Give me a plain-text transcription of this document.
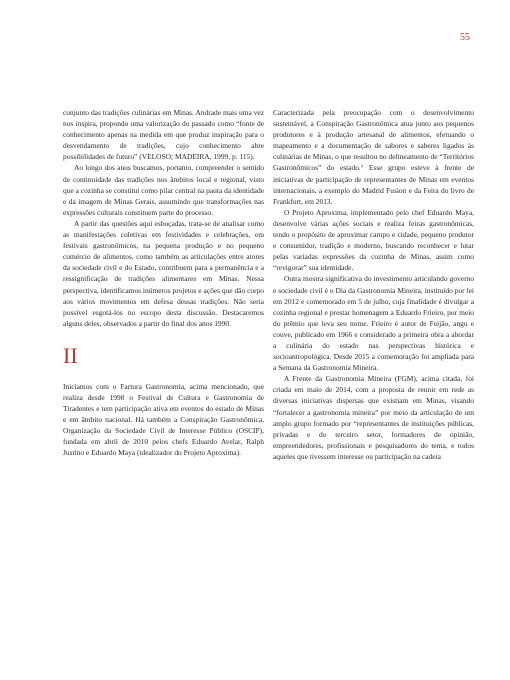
55

conjunto das tradições culinárias em Minas. Andrade mais uma vez nos inspira, propondo uma valorização do passado como “fonte de conhecimento apenas na medida em que produz inspiração para o desvendamento de tradições, cujo conhecimento abre possibilidades de futuro” (VELOSO; MADEIRA, 1999, p. 115).

Ao longo dos anos buscamos, portanto, compreender o sentido de continuidade das tradições nos âmbitos local e regional, visto que a cozinha se constitui como pilar central na pauta da identidade e da imagem de Minas Gerais, assumindo que transformações nas expressões culturais constituem parte do processo.

A partir das questões aqui esboçadas, trata-se de analisar como as manifestações coletivas em festividades e celebrações, em festivais gastronômicos, na pequena produção e no pequeno comércio de alimentos, como também as articulações entre atores da sociedade civil e do Estado, contribuem para a permanência e a ressignificação de tradições alimentares em Minas. Nessa perspectiva, identificamos inúmeros projetos e ações que dão corpo aos vários movimentos em defesa dessas tradições. Não seria possível esgotá-los no escopo desta discussão. Destacaremos alguns deles, observados a partir do final dos anos 1990.

II

Iniciamos com o Fartura Gastronomia, acima mencionado, que realiza desde 1998 o Festival de Cultura e Gastronomia de Tiradentes e tem participação ativa em eventos do estado de Minas e em âmbito nacional. Há também a Conspiração Gastronômica, Organização da Sociedade Civil de Interesse Público (OSCIP), fundada em abril de 2010 pelos chefs Eduardo Avelar, Ralph Justino e Eduardo Maya (idealizador do Projeto Aproxima).

Caracterizada pela preocupação com o desenvolvimento sustentável, a Conspiração Gastronômica atua junto aos pequenos produtores e à produção artesanal de alimentos, efetuando o mapeamento e a documentação de sabores e saberes ligados às culinárias de Minas, o que resultou no delineamento de “Territórios Gastronômicos” do estado.⁷ Esse grupo esteve à frente de iniciativas de participação de representantes de Minas em eventos internacionais, a exemplo do Madrid Fusion e da Feira do livro de Frankfurt, em 2013.

O Projeto Aproxima, implementado pelo chef Eduardo Maya, desenvolve várias ações sociais e realiza feiras gastronômicas, tendo o propósito de aproximar campo e cidade, pequeno produtor e consumidor, tradição e moderno, buscando reconhecer e lutar pelas variadas expressões da cozinha de Minas, assim como “revigorar” sua identidade.

Outra mostra significativa do investimento articulando governo e sociedade civil é o Dia da Gastronomia Mineira, instituído por lei em 2012 e comemorado em 5 de julho, cuja finalidade é divulgar a cozinha regional e prestar homenagem a Eduardo Frieiro, por meio do prêmio que leva seu nome. Frieiro é autor de Feijão, angu e couve, publicado em 1966 e considerado a primeira obra a abordar a culinária do estado nas perspectivas histórica e socioantropológica. Desde 2015 a comemoração foi ampliada para a Semana da Gastronomia Mineira.

A Frente da Gastronomia Mineira (FGM), acima citada, foi criada em maio de 2014, com a proposta de reunir em rede as diversas iniciativas dispersas que existiam em Minas, visando “fortalecer a gastronomia mineira” por meio da articulação de um amplo grupo formado por “representantes de instituições públicas, privadas e do terceiro setor, formadores de opinião, empreendedores, profissionais e pesquisadores do tema, e todos aqueles que tivessem interesse ou participação na cadeia
